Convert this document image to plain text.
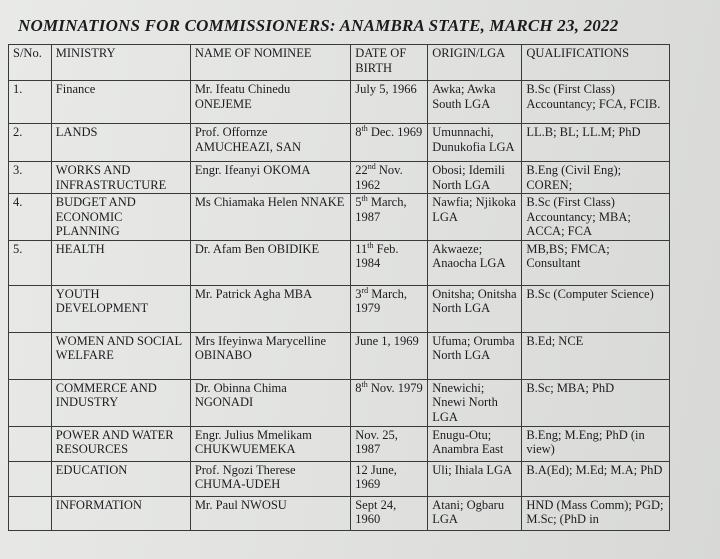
NOMINATIONS FOR COMMISSIONERS: ANAMBRA STATE, MARCH 23, 2022
S/No.	MINISTRY	NAME OF NOMINEE	DATE OF BIRTH	ORIGIN/LGA	QUALIFICATIONS
1.	Finance	Mr. Ifeatu Chinedu ONEJEME	July 5, 1966	Awka; Awka South LGA	B.Sc (First Class) Accountancy; FCA, FCIB.
2.	LANDS	Prof. Offornze AMUCHEAZI, SAN	8th Dec. 1969	Umunnachi, Dunukofia LGA	LL.B; BL; LL.M; PhD
3.	WORKS AND INFRASTRUCTURE	Engr. Ifeanyi OKOMA	22nd Nov. 1962	Obosi; Idemili North LGA	B.Eng (Civil Eng); COREN;
4.	BUDGET AND ECONOMIC PLANNING	Ms Chiamaka Helen NNAKE	5th March, 1987	Nawfia; Njikoka LGA	B.Sc (First Class) Accountancy; MBA; ACCA; FCA
5.	HEALTH	Dr. Afam Ben OBIDIKE	11th Feb. 1984	Akwaeze; Anaocha LGA	MB,BS; FMCA; Consultant
	YOUTH DEVELOPMENT	Mr. Patrick Agha MBA	3rd March, 1979	Onitsha; Onitsha North LGA	B.Sc (Computer Science)
	WOMEN AND SOCIAL WELFARE	Mrs Ifeyinwa Marycelline OBINABO	June 1, 1969	Ufuma; Orumba North LGA	B.Ed; NCE
	COMMERCE AND INDUSTRY	Dr. Obinna Chima NGONADI	8th Nov. 1979	Nnewichi; Nnewi North LGA	B.Sc; MBA; PhD
	POWER AND WATER RESOURCES	Engr. Julius Mmelikam CHUKWUEMEKA	Nov. 25, 1987	Enugu-Otu; Anambra East	B.Eng; M.Eng; PhD (in view)
	EDUCATION	Prof. Ngozi Therese CHUMA-UDEH	12 June, 1969	Uli; Ihiala LGA	B.A(Ed); M.Ed; M.A; PhD
	INFORMATION	Mr. Paul NWOSU	Sept 24, 1960	Atani; Ogbaru LGA	HND (Mass Comm); PGD; M.Sc; (PhD in
